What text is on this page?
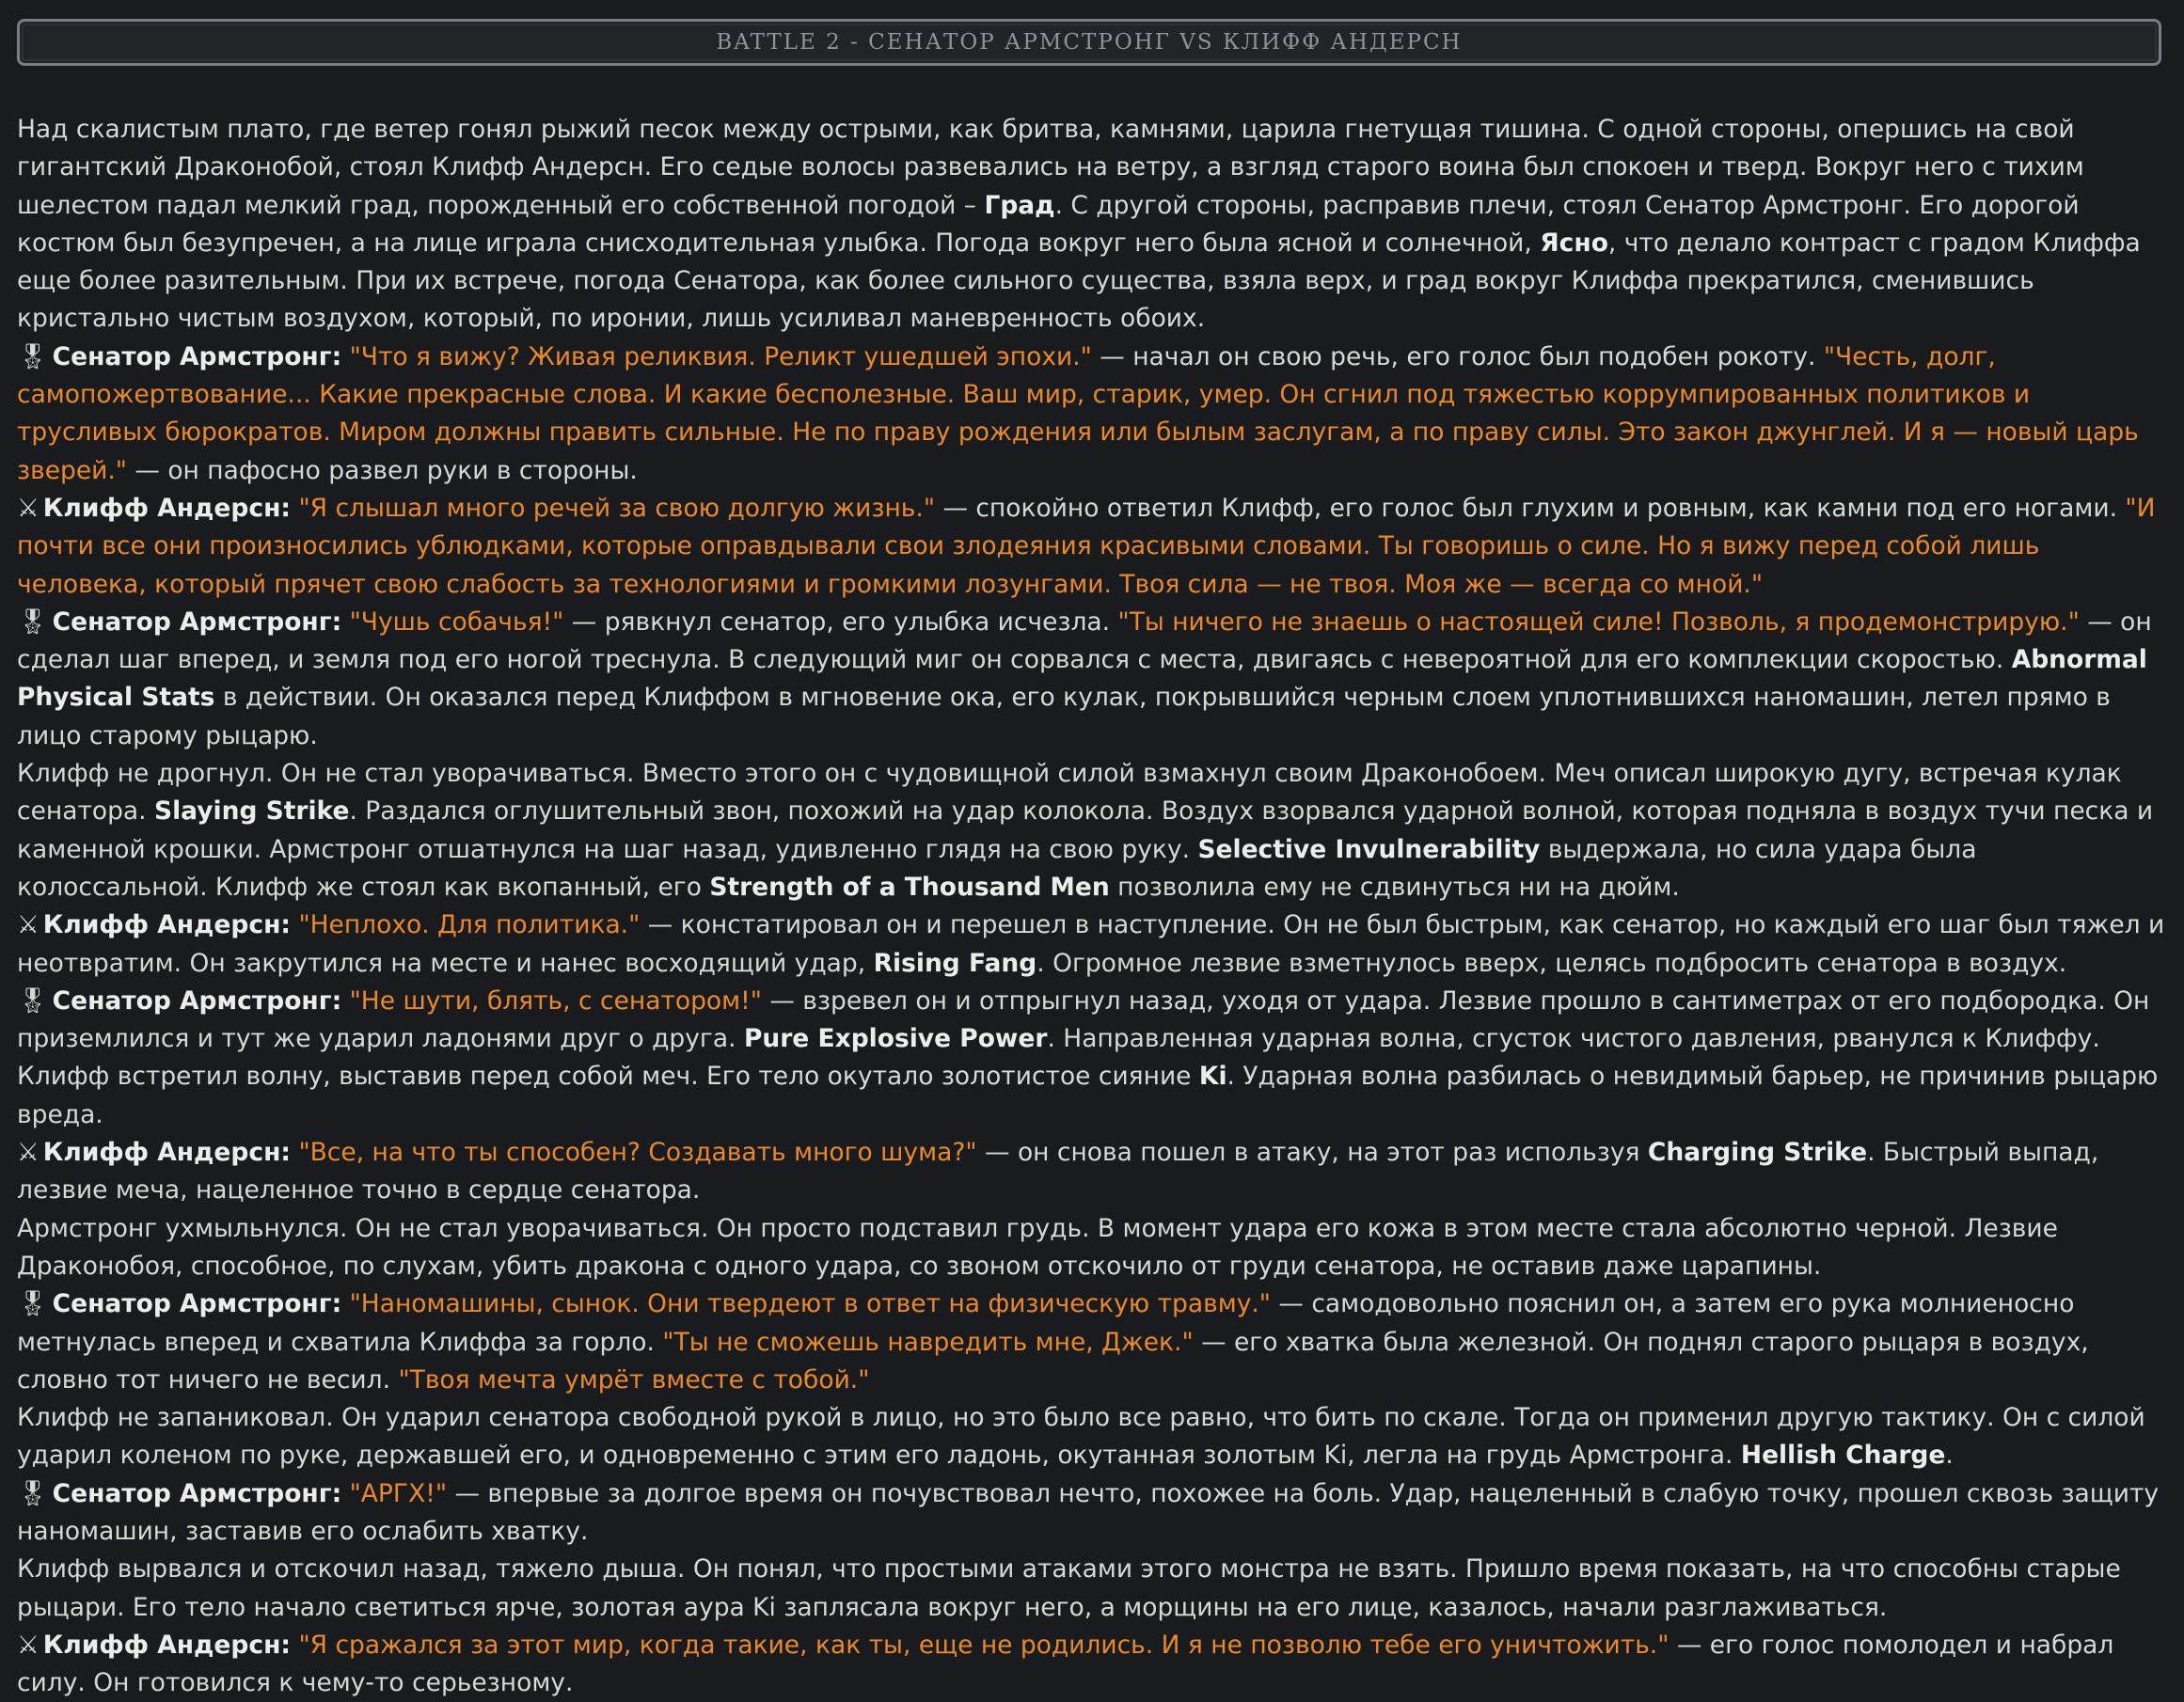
BATTLE 2 - СЕНАТОР АРМСТРОНГ VS КЛИФФ АНДЕРСН

Над скалистым плато, где ветер гонял рыжий песок между острыми, как бритва, камнями, царила гнетущая тишина. С одной стороны, опершись на свой гигантский Драконобой, стоял Клифф Андерсн. Его седые волосы развевались на ветру, а взгляд старого воина был спокоен и тверд. Вокруг него с тихим шелестом падал мелкий град, порожденный его собственной погодой – Град. С другой стороны, расправив плечи, стоял Сенатор Армстронг. Его дорогой костюм был безупречен, а на лице играла снисходительная улыбка. Погода вокруг него была ясной и солнечной, Ясно, что делало контраст с градом Клиффа еще более разительным. При их встрече, погода Сенатора, как более сильного существа, взяла верх, и град вокруг Клиффа прекратился, сменившись кристально чистым воздухом, который, по иронии, лишь усиливал маневренность обоих.

🎖 Сенатор Армстронг: "Что я вижу? Живая реликвия. Реликт ушедшей эпохи." — начал он свою речь, его голос был подобен рокоту. "Честь, долг, самопожертвование... Какие прекрасные слова. И какие бесполезные. Ваш мир, старик, умер. Он сгнил под тяжестью коррумпированных политиков и трусливых бюрократов. Миром должны править сильные. Не по праву рождения или былым заслугам, а по праву силы. Это закон джунглей. И я — новый царь зверей." — он пафосно развел руки в стороны.

⚔ Клифф Андерсн: "Я слышал много речей за свою долгую жизнь." — спокойно ответил Клифф, его голос был глухим и ровным, как камни под его ногами. "И почти все они произносились ублюдками, которые оправдывали свои злодеяния красивыми словами. Ты говоришь о силе. Но я вижу перед собой лишь человека, который прячет свою слабость за технологиями и громкими лозунгами. Твоя сила — не твоя. Моя же — всегда со мной."

🎖 Сенатор Армстронг: "Чушь собачья!" — рявкнул сенатор, его улыбка исчезла. "Ты ничего не знаешь о настоящей силе! Позволь, я продемонстрирую." — он сделал шаг вперед, и земля под его ногой треснула. В следующий миг он сорвался с места, двигаясь с невероятной для его комплекции скоростью. Abnormal Physical Stats в действии. Он оказался перед Клиффом в мгновение ока, его кулак, покрывшийся черным слоем уплотнившихся наномашин, летел прямо в лицо старому рыцарю.

Клифф не дрогнул. Он не стал уворачиваться. Вместо этого он с чудовищной силой взмахнул своим Драконобоем. Меч описал широкую дугу, встречая кулак сенатора. Slaying Strike. Раздался оглушительный звон, похожий на удар колокола. Воздух взорвался ударной волной, которая подняла в воздух тучи песка и каменной крошки. Армстронг отшатнулся на шаг назад, удивленно глядя на свою руку. Selective Invulnerability выдержала, но сила удара была колоссальной. Клифф же стоял как вкопанный, его Strength of a Thousand Men позволила ему не сдвинуться ни на дюйм.

⚔ Клифф Андерсн: "Неплохо. Для политика." — констатировал он и перешел в наступление. Он не был быстрым, как сенатор, но каждый его шаг был тяжел и неотвратим. Он закрутился на месте и нанес восходящий удар, Rising Fang. Огромное лезвие взметнулось вверх, целясь подбросить сенатора в воздух.

🎖 Сенатор Армстронг: "Не шути, блять, с сенатором!" — взревел он и отпрыгнул назад, уходя от удара. Лезвие прошло в сантиметрах от его подбородка. Он приземлился и тут же ударил ладонями друг о друга. Pure Explosive Power. Направленная ударная волна, сгусток чистого давления, рванулся к Клиффу.

Клифф встретил волну, выставив перед собой меч. Его тело окутало золотистое сияние Ki. Ударная волна разбилась о невидимый барьер, не причинив рыцарю вреда.

⚔ Клифф Андерсн: "Все, на что ты способен? Создавать много шума?" — он снова пошел в атаку, на этот раз используя Charging Strike. Быстрый выпад, лезвие меча, нацеленное точно в сердце сенатора.

Армстронг ухмыльнулся. Он не стал уворачиваться. Он просто подставил грудь. В момент удара его кожа в этом месте стала абсолютно черной. Лезвие Драконобоя, способное, по слухам, убить дракона с одного удара, со звоном отскочило от груди сенатора, не оставив даже царапины.

🎖 Сенатор Армстронг: "Наномашины, сынок. Они твердеют в ответ на физическую травму." — самодовольно пояснил он, а затем его рука молниеносно метнулась вперед и схватила Клиффа за горло. "Ты не сможешь навредить мне, Джек." — его хватка была железной. Он поднял старого рыцаря в воздух, словно тот ничего не весил. "Твоя мечта умрёт вместе с тобой."

Клифф не запаниковал. Он ударил сенатора свободной рукой в лицо, но это было все равно, что бить по скале. Тогда он применил другую тактику. Он с силой ударил коленом по руке, державшей его, и одновременно с этим его ладонь, окутанная золотым Ki, легла на грудь Армстронга. Hellish Charge.

🎖 Сенатор Армстронг: "АРГХ!" — впервые за долгое время он почувствовал нечто, похожее на боль. Удар, нацеленный в слабую точку, прошел сквозь защиту наномашин, заставив его ослабить хватку.

Клифф вырвался и отскочил назад, тяжело дыша. Он понял, что простыми атаками этого монстра не взять. Пришло время показать, на что способны старые рыцари. Его тело начало светиться ярче, золотая аура Ki заплясала вокруг него, а морщины на его лице, казалось, начали разглаживаться.

⚔ Клифф Андерсн: "Я сражался за этот мир, когда такие, как ты, еще не родились. И я не позволю тебе его уничтожить." — его голос помолодел и набрал силу. Он готовился к чему-то серьезному.
